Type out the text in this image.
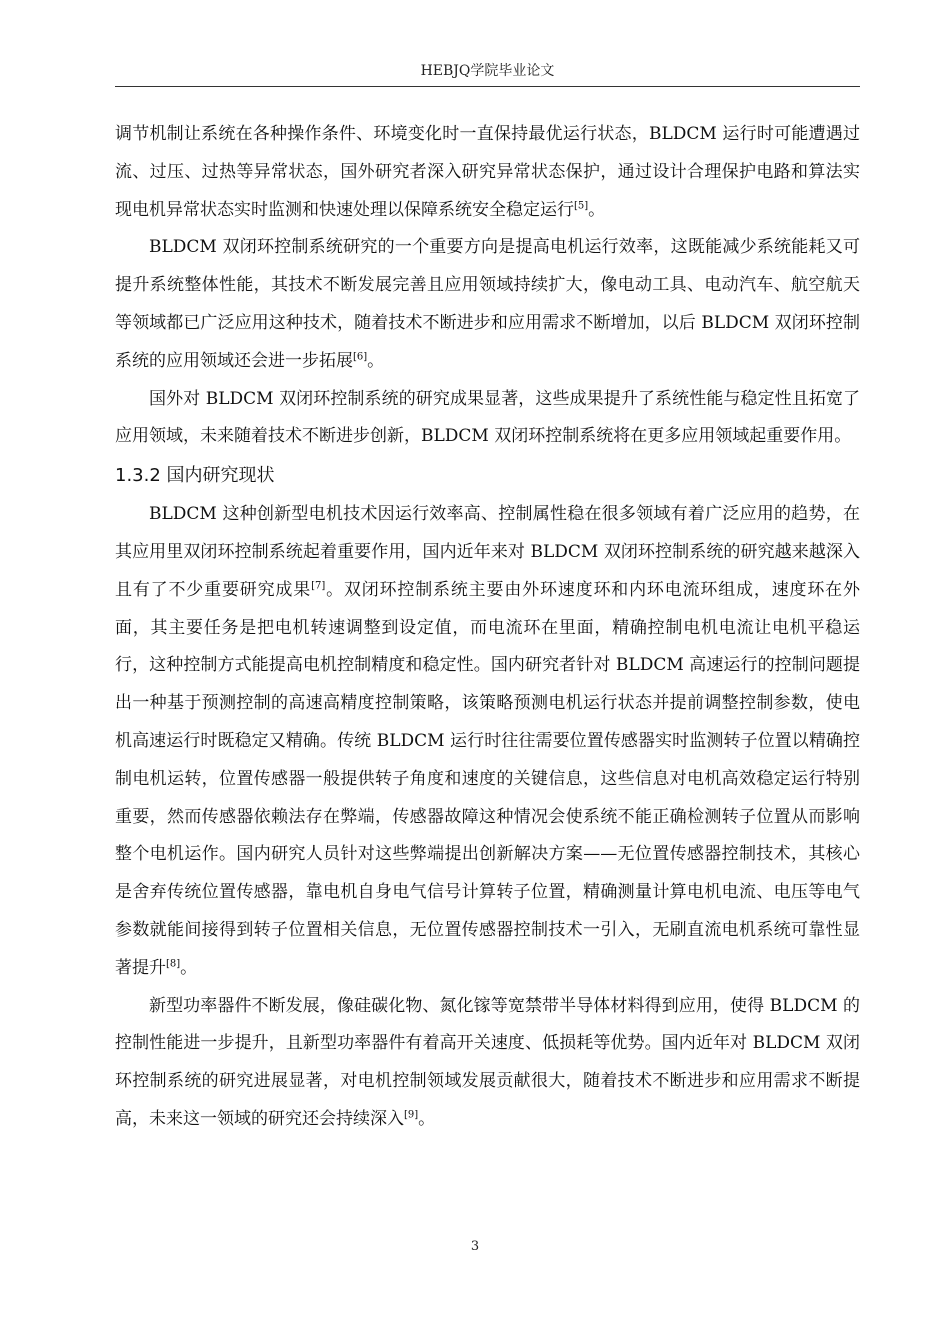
HEBJQ学院毕业论文

调节机制让系统在各种操作条件、环境变化时一直保持最优运行状态，BLDCM 运行时可能遭遇过流、过压、过热等异常状态，国外研究者深入研究异常状态保护，通过设计合理保护电路和算法实现电机异常状态实时监测和快速处理以保障系统安全稳定运行[5]。

BLDCM 双闭环控制系统研究的一个重要方向是提高电机运行效率，这既能减少系统能耗又可提升系统整体性能，其技术不断发展完善且应用领域持续扩大，像电动工具、电动汽车、航空航天等领域都已广泛应用这种技术，随着技术不断进步和应用需求不断增加，以后 BLDCM 双闭环控制系统的应用领域还会进一步拓展[6]。

国外对 BLDCM 双闭环控制系统的研究成果显著，这些成果提升了系统性能与稳定性且拓宽了应用领域，未来随着技术不断进步创新，BLDCM 双闭环控制系统将在更多应用领域起重要作用。

1.3.2 国内研究现状

BLDCM 这种创新型电机技术因运行效率高、控制属性稳在很多领域有着广泛应用的趋势，在其应用里双闭环控制系统起着重要作用，国内近年来对 BLDCM 双闭环控制系统的研究越来越深入且有了不少重要研究成果[7]。双闭环控制系统主要由外环速度环和内环电流环组成，速度环在外面，其主要任务是把电机转速调整到设定值，而电流环在里面，精确控制电机电流让电机平稳运行，这种控制方式能提高电机控制精度和稳定性。国内研究者针对 BLDCM 高速运行的控制问题提出一种基于预测控制的高速高精度控制策略，该策略预测电机运行状态并提前调整控制参数，使电机高速运行时既稳定又精确。传统 BLDCM 运行时往往需要位置传感器实时监测转子位置以精确控制电机运转，位置传感器一般提供转子角度和速度的关键信息，这些信息对电机高效稳定运行特别重要，然而传感器依赖法存在弊端，传感器故障这种情况会使系统不能正确检测转子位置从而影响整个电机运作。国内研究人员针对这些弊端提出创新解决方案——无位置传感器控制技术，其核心是舍弃传统位置传感器，靠电机自身电气信号计算转子位置，精确测量计算电机电流、电压等电气参数就能间接得到转子位置相关信息，无位置传感器控制技术一引入，无刷直流电机系统可靠性显著提升[8]。

新型功率器件不断发展，像硅碳化物、氮化镓等宽禁带半导体材料得到应用，使得 BLDCM 的控制性能进一步提升，且新型功率器件有着高开关速度、低损耗等优势。国内近年对 BLDCM 双闭环控制系统的研究进展显著，对电机控制领域发展贡献很大，随着技术不断进步和应用需求不断提高，未来这一领域的研究还会持续深入[9]。

3
